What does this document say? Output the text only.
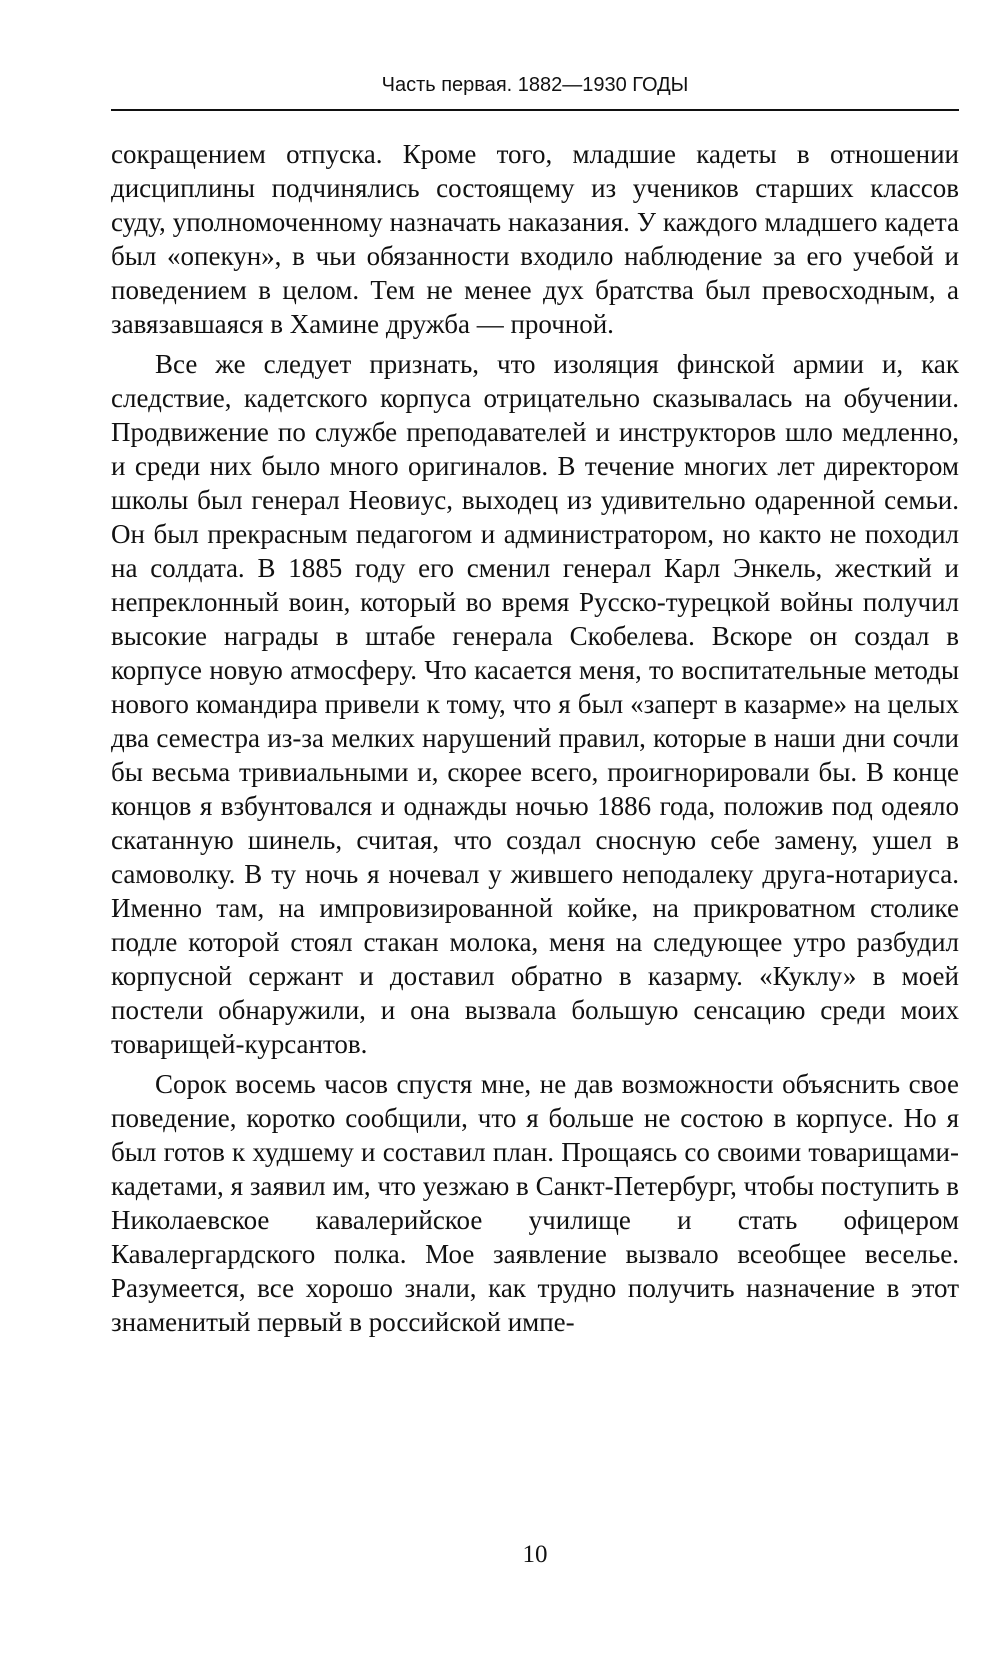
Часть первая. 1882—1930 ГОДЫ

сокращением отпуска. Кроме того, младшие кадеты в отношении дисциплины подчинялись состоящему из учеников старших классов суду, уполномоченному назначать наказания. У каждого младшего кадета был «опекун», в чьи обязанности входило наблюдение за его учебой и поведением в целом. Тем не менее дух братства был превосходным, а завязавшаяся в Хамине дружба — прочной.

Все же следует признать, что изоляция финской армии и, как следствие, кадетского корпуса отрицательно сказывалась на обучении. Продвижение по службе преподавателей и инструкторов шло медленно, и среди них было много оригиналов. В течение многих лет директором школы был генерал Неовиус, выходец из удивительно одаренной семьи. Он был прекрасным педагогом и администратором, но както не походил на солдата. В 1885 году его сменил генерал Карл Энкель, жесткий и непреклонный воин, который во время Русско-турецкой войны получил высокие награды в штабе генерала Скобелева. Вскоре он создал в корпусе новую атмосферу. Что касается меня, то воспитательные методы нового командира привели к тому, что я был «заперт в казарме» на целых два семестра из-за мелких нарушений правил, которые в наши дни сочли бы весьма тривиальными и, скорее всего, проигнорировали бы. В конце концов я взбунтовался и однажды ночью 1886 года, положив под одеяло скатанную шинель, считая, что создал сносную себе замену, ушел в самоволку. В ту ночь я ночевал у жившего неподалеку друга-нотариуса. Именно там, на импровизированной койке, на прикроватном столике подле которой стоял стакан молока, меня на следующее утро разбудил корпусной сержант и доставил обратно в казарму. «Куклу» в моей постели обнаружили, и она вызвала большую сенсацию среди моих товарищей-курсантов.

Сорок восемь часов спустя мне, не дав возможности объяснить свое поведение, коротко сообщили, что я больше не состою в корпусе. Но я был готов к худшему и составил план. Прощаясь со своими товарищами-кадетами, я заявил им, что уезжаю в Санкт-Петербург, чтобы поступить в Николаевское кавалерийское училище и стать офицером Кавалергардского полка. Мое заявление вызвало всеобщее веселье. Разумеется, все хорошо знали, как трудно получить назначение в этот знаменитый первый в российской импе-

10
